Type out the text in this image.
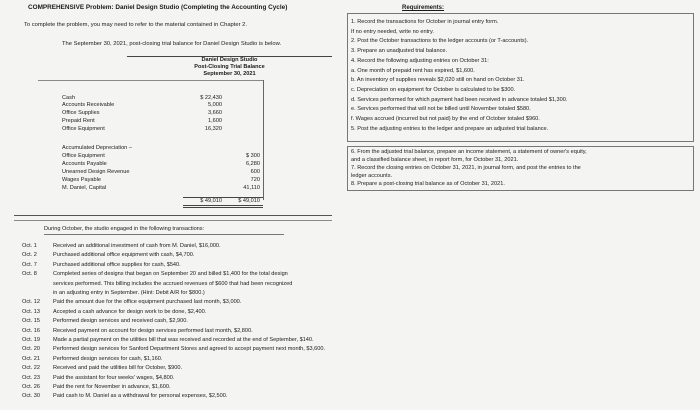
COMPREHENSIVE Problem: Daniel Design Studio (Completing the Accounting Cycle)
To complete the problem, you may need to refer to the material contained in Chapter 2.
The September 30, 2021, post-closing trial balance for Daniel Design Studio is below.
Daniel Design Studio
Post-Closing Trial Balance
September 30, 2021
Cash	$ 22,430
Accounts Receivable	5,000
Office Supplies	3,660
Prepaid Rent	1,600
Office Equipment	16,320
Accumulated Depreciation –
Office Equipment	$ 300
Accounts Payable	6,280
Unearned Design Revenue	600
Wages Payable	720
M. Daniel, Capital	41,110
$ 49,010	$ 49,010
Requirements:
1. Record the transactions for October in journal entry form.
If no entry needed, write no entry.
2. Post the October transactions to the ledger accounts (or T-accounts).
3. Prepare an unadjusted trial balance.
4. Record the following adjusting entries on October 31:
a. One month of prepaid rent has expired, $1,600.
b. An inventory of supplies reveals $2,020 still on hand on October 31.
c. Depreciation on equipment for October is calculated to be $300.
d. Services performed for which payment had been received in advance totaled $1,300.
e. Services performed that will not be billed until November totaled $580.
f. Wages accrued (incurred but not paid) by the end of October totaled $960.
5. Post the adjusting entries to the ledger and prepare an adjusted trial balance.
6. From the adjusted trial balance, prepare an income statement, a statement of owner's equity,
and a classified balance sheet, in report form, for October 31, 2021.
7. Record the closing entries on October 31, 2021, in journal form, and post the entries to the
ledger accounts.
8. Prepare a post-closing trial balance as of October 31, 2021.
During October, the studio engaged in the following transactions:
Oct. 1	Received an additional investment of cash from M. Daniel, $16,000.
Oct. 2	Purchased additional office equipment with cash, $4,700.
Oct. 7	Purchased additional office supplies for cash, $540.
Oct. 8	Completed series of designs that began on September 20 and billed $1,400 for the total design
services performed. This billing includes the accrued revenues of $600 that had been recognized
in an adjusting entry in September. (Hint: Debit A/R for $800.)
Oct. 12 Paid the amount due for the office equipment purchased last month, $3,000.
Oct. 13 Accepted a cash advance for design work to be done, $2,400.
Oct. 15 Performed design services and received cash, $2,900.
Oct. 16 Received payment on account for design services performed last month, $2,800.
Oct. 19 Made a partial payment on the utilities bill that was received and recorded at the end of September, $140.
Oct. 20 Performed design services for Sanford Department Stores and agreed to accept payment next month, $3,600.
Oct. 21 Performed design services for cash, $1,160.
Oct. 22 Received and paid the utilities bill for October, $900.
Oct. 23 Paid the assistant for four weeks' wages, $4,800.
Oct. 26 Paid the rent for November in advance, $1,600.
Oct. 30 Paid cash to M. Daniel as a withdrawal for personal expenses, $2,500.
